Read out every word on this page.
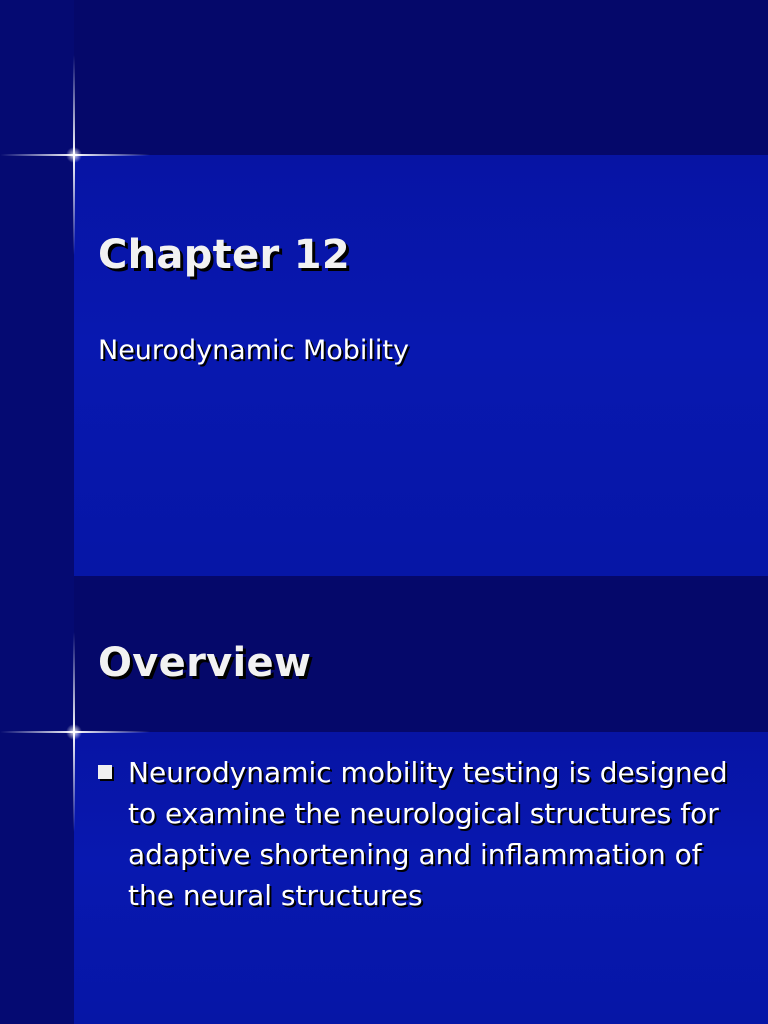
Chapter 12
Neurodynamic Mobility
Overview
Neurodynamic mobility testing is designed to examine the neurological structures for adaptive shortening and inflammation of the neural structures
